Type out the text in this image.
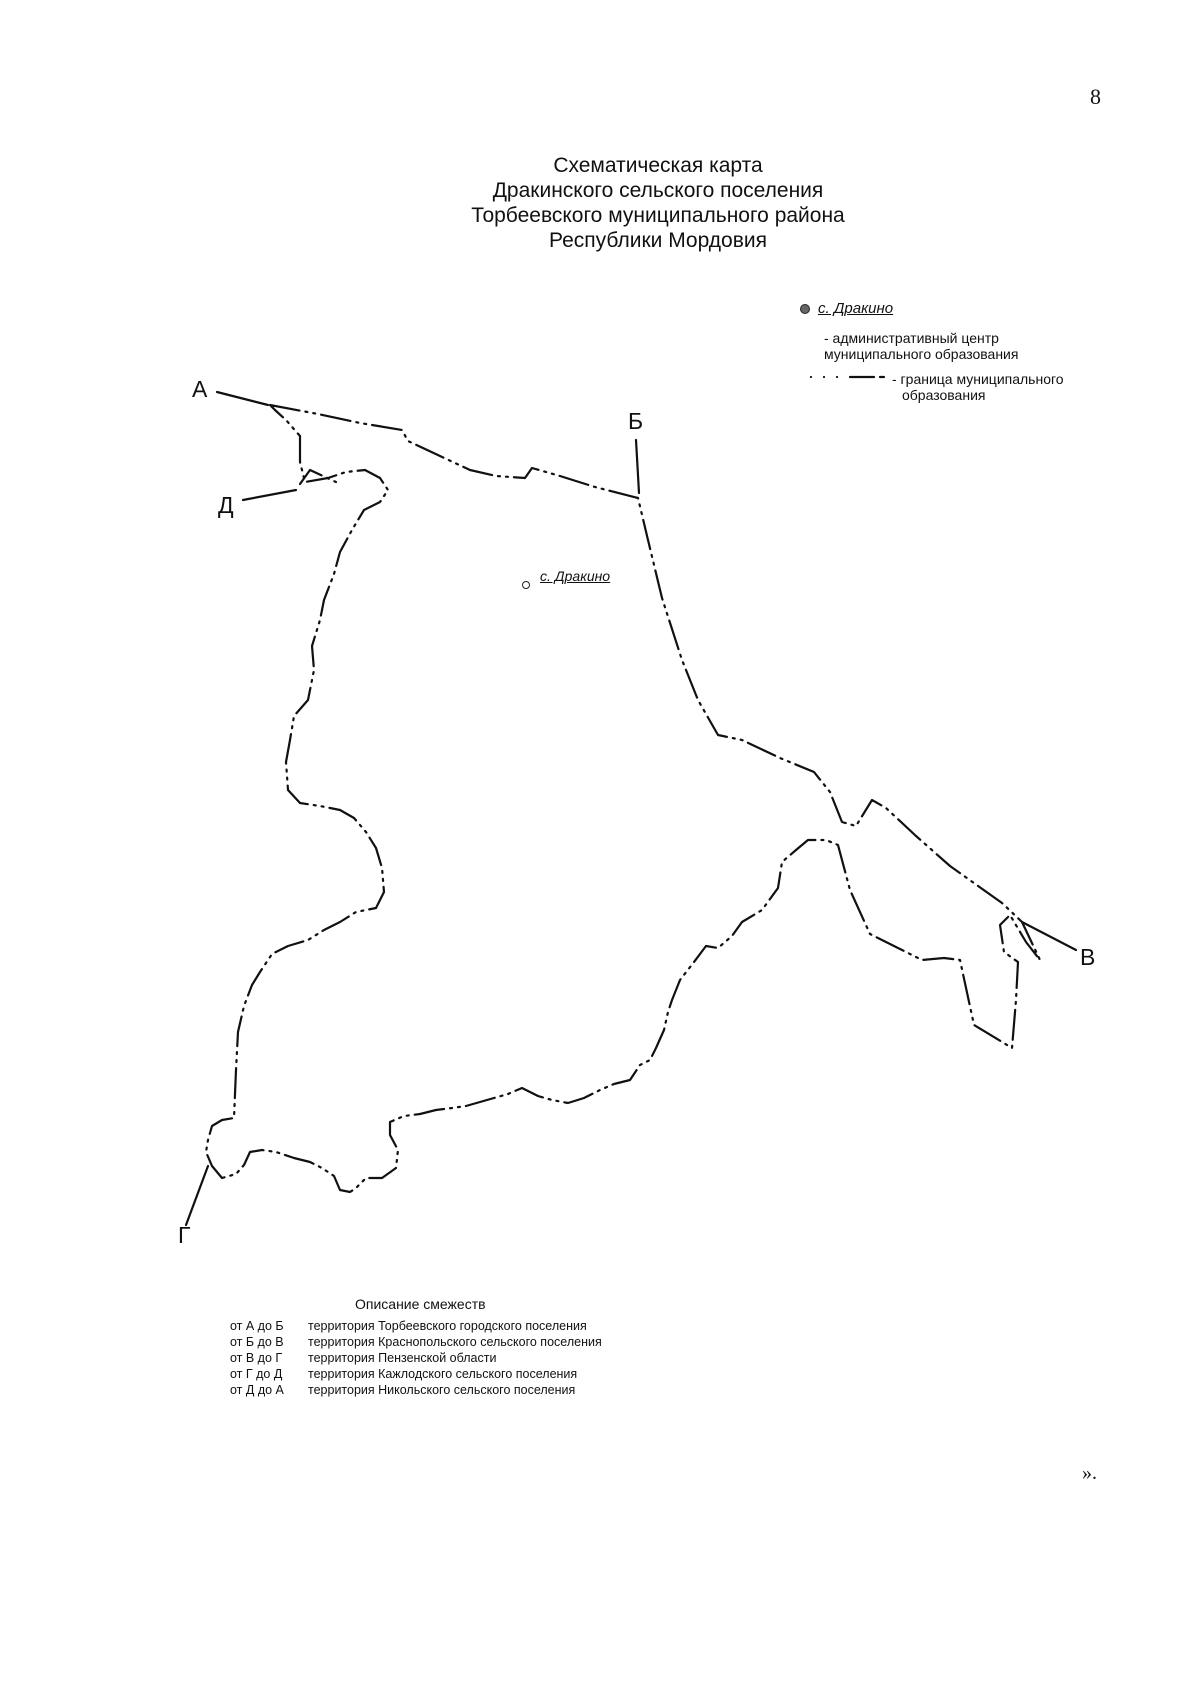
8
Схематическая карта
Дракинского сельского поселения
Торбеевского муниципального района
Республики Мордовия
с. Дракино
- административный центр
муниципального образования
- граница муниципального
образования
с. Дракино
А
Б
В
Г
Д
Описание смежеств
от А до Б территория Торбеевского городского поселения
от Б до В территория Краснопольского сельского поселения
от В до Г территория Пензенской области
от Г до Д территория Кажлодского сельского поселения
от Д до А территория Никольского сельского поселения
».
